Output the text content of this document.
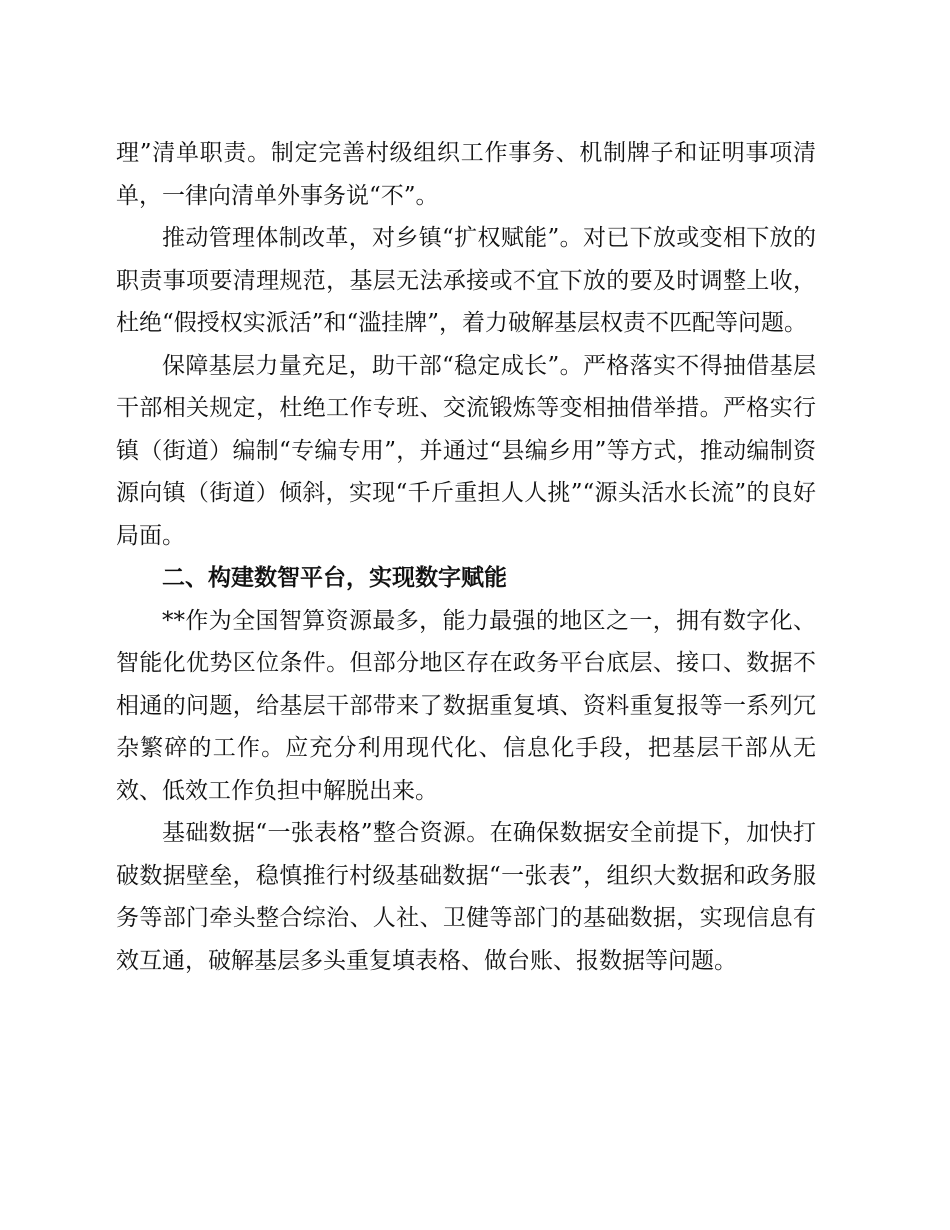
理”清单职责。制定完善村级组织工作事务、机制牌子和证明事项清单，一律向清单外事务说“不”。

推动管理体制改革，对乡镇“扩权赋能”。对已下放或变相下放的职责事项要清理规范，基层无法承接或不宜下放的要及时调整上收，杜绝“假授权实派活”和“滥挂牌”，着力破解基层权责不匹配等问题。

保障基层力量充足，助干部“稳定成长”。严格落实不得抽借基层干部相关规定，杜绝工作专班、交流锻炼等变相抽借举措。严格实行镇（街道）编制“专编专用”，并通过“县编乡用”等方式，推动编制资源向镇（街道）倾斜，实现“千斤重担人人挑”“源头活水长流”的良好局面。

二、构建数智平台，实现数字赋能

**作为全国智算资源最多，能力最强的地区之一，拥有数字化、智能化优势区位条件。但部分地区存在政务平台底层、接口、数据不相通的问题，给基层干部带来了数据重复填、资料重复报等一系列冗杂繁碎的工作。应充分利用现代化、信息化手段，把基层干部从无效、低效工作负担中解脱出来。

基础数据“一张表格”整合资源。在确保数据安全前提下，加快打破数据壁垒，稳慎推行村级基础数据“一张表”，组织大数据和政务服务等部门牵头整合综治、人社、卫健等部门的基础数据，实现信息有效互通，破解基层多头重复填表格、做台账、报数据等问题。
